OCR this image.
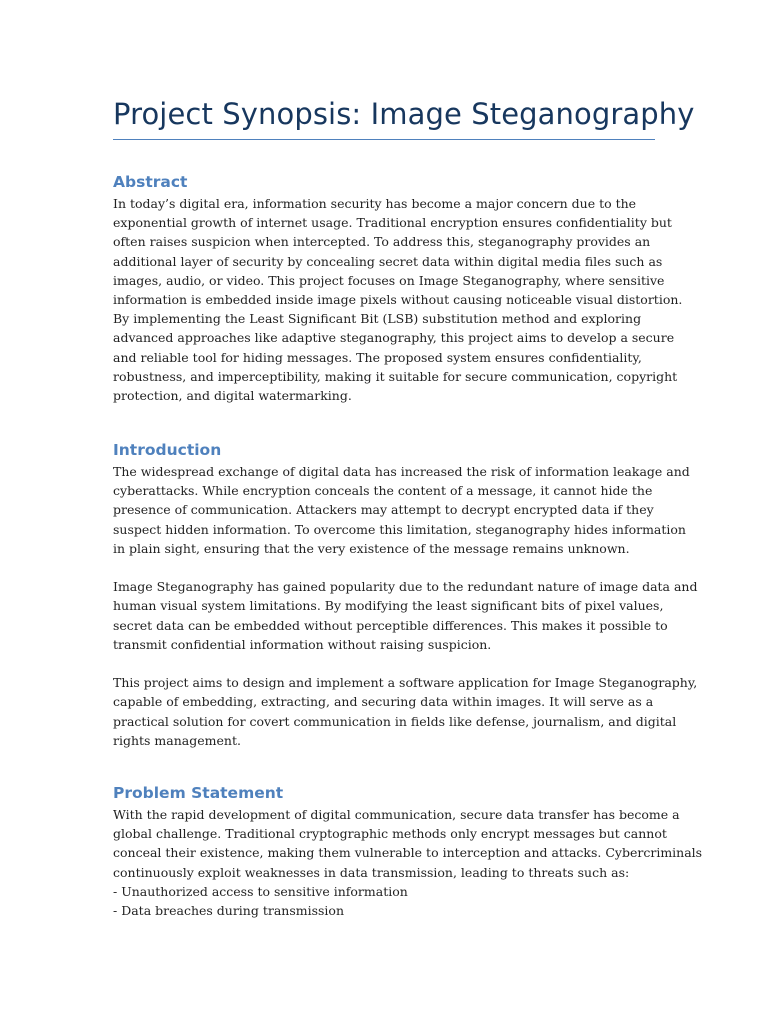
Project Synopsis: Image Steganography
Abstract

In today’s digital era, information security has become a major concern due to the
exponential growth of internet usage. Traditional encryption ensures confidentiality but
often raises suspicion when intercepted. To address this, steganography provides an
additional layer of security by concealing secret data within digital media files such as
images, audio, or video. This project focuses on Image Steganography, where sensitive
information is embedded inside image pixels without causing noticeable visual distortion.
By implementing the Least Significant Bit (LSB) substitution method and exploring
advanced approaches like adaptive steganography, this project aims to develop a secure
and reliable tool for hiding messages. The proposed system ensures confidentiality,
robustness, and imperceptibility, making it suitable for secure communication, copyright
protection, and digital watermarking.

Introduction

The widespread exchange of digital data has increased the risk of information leakage and
cyberattacks. While encryption conceals the content of a message, it cannot hide the
presence of communication. Attackers may attempt to decrypt encrypted data if they
suspect hidden information. To overcome this limitation, steganography hides information
in plain sight, ensuring that the very existence of the message remains unknown.

Image Steganography has gained popularity due to the redundant nature of image data and
human visual system limitations. By modifying the least significant bits of pixel values,
secret data can be embedded without perceptible differences. This makes it possible to
transmit confidential information without raising suspicion.

This project aims to design and implement a software application for Image Steganography,
capable of embedding, extracting, and securing data within images. It will serve as a
practical solution for covert communication in fields like defense, journalism, and digital
rights management.

Problem Statement

With the rapid development of digital communication, secure data transfer has become a
global challenge. Traditional cryptographic methods only encrypt messages but cannot
conceal their existence, making them vulnerable to interception and attacks. Cybercriminals
continuously exploit weaknesses in data transmission, leading to threats such as:
- Unauthorized access to sensitive information
- Data breaches during transmission
